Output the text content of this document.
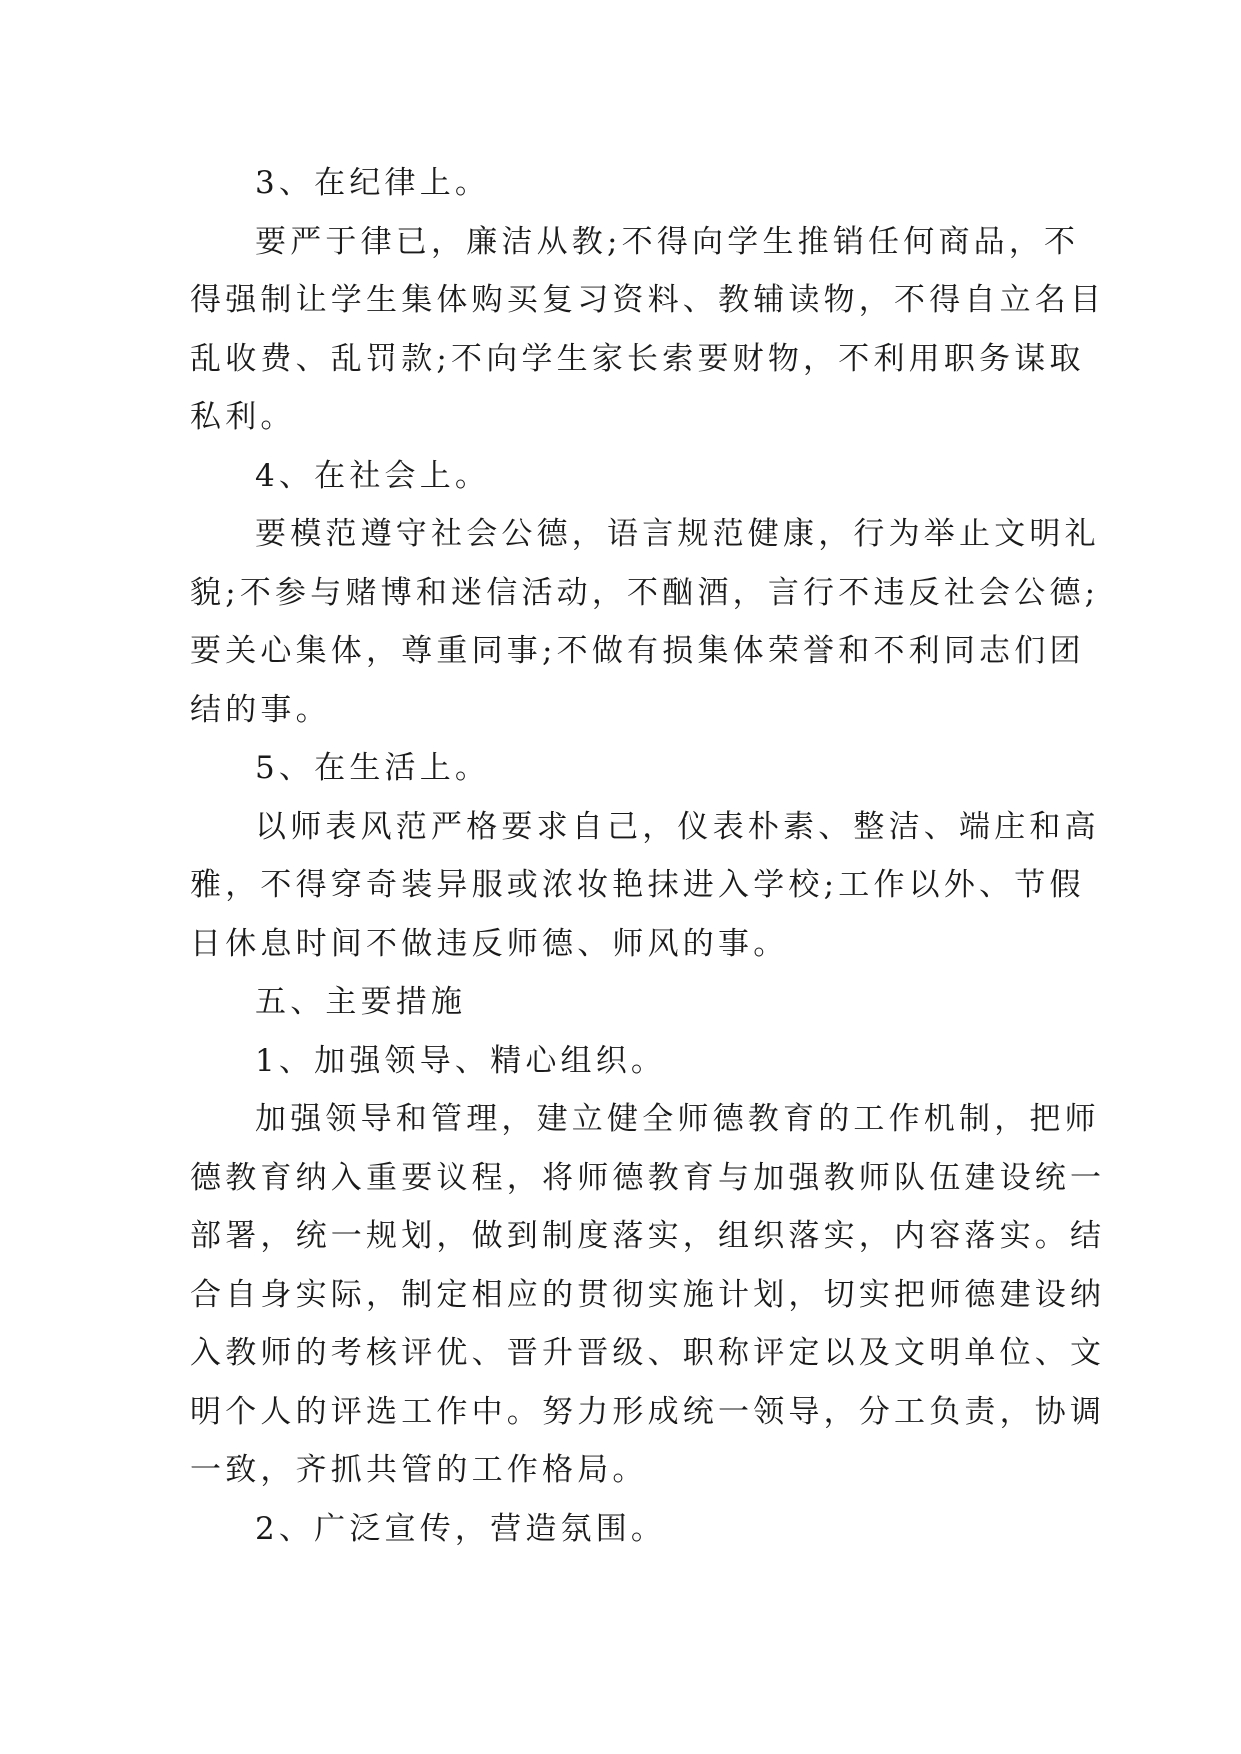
3、在纪律上。
要严于律已，廉洁从教;不得向学生推销任何商品，不
得强制让学生集体购买复习资料、教辅读物，不得自立名目
乱收费、乱罚款;不向学生家长索要财物，不利用职务谋取
私利。
4、在社会上。
要模范遵守社会公德，语言规范健康，行为举止文明礼
貌;不参与赌博和迷信活动，不酗酒，言行不违反社会公德;
要关心集体，尊重同事;不做有损集体荣誉和不利同志们团
结的事。
5、在生活上。
以师表风范严格要求自己，仪表朴素、整洁、端庄和高
雅，不得穿奇装异服或浓妆艳抹进入学校;工作以外、节假
日休息时间不做违反师德、师风的事。
五、主要措施
1、加强领导、精心组织。
加强领导和管理，建立健全师德教育的工作机制，把师
德教育纳入重要议程，将师德教育与加强教师队伍建设统一
部署，统一规划，做到制度落实，组织落实，内容落实。结
合自身实际，制定相应的贯彻实施计划，切实把师德建设纳
入教师的考核评优、晋升晋级、职称评定以及文明单位、文
明个人的评选工作中。努力形成统一领导，分工负责，协调
一致，齐抓共管的工作格局。
2、广泛宣传，营造氛围。
